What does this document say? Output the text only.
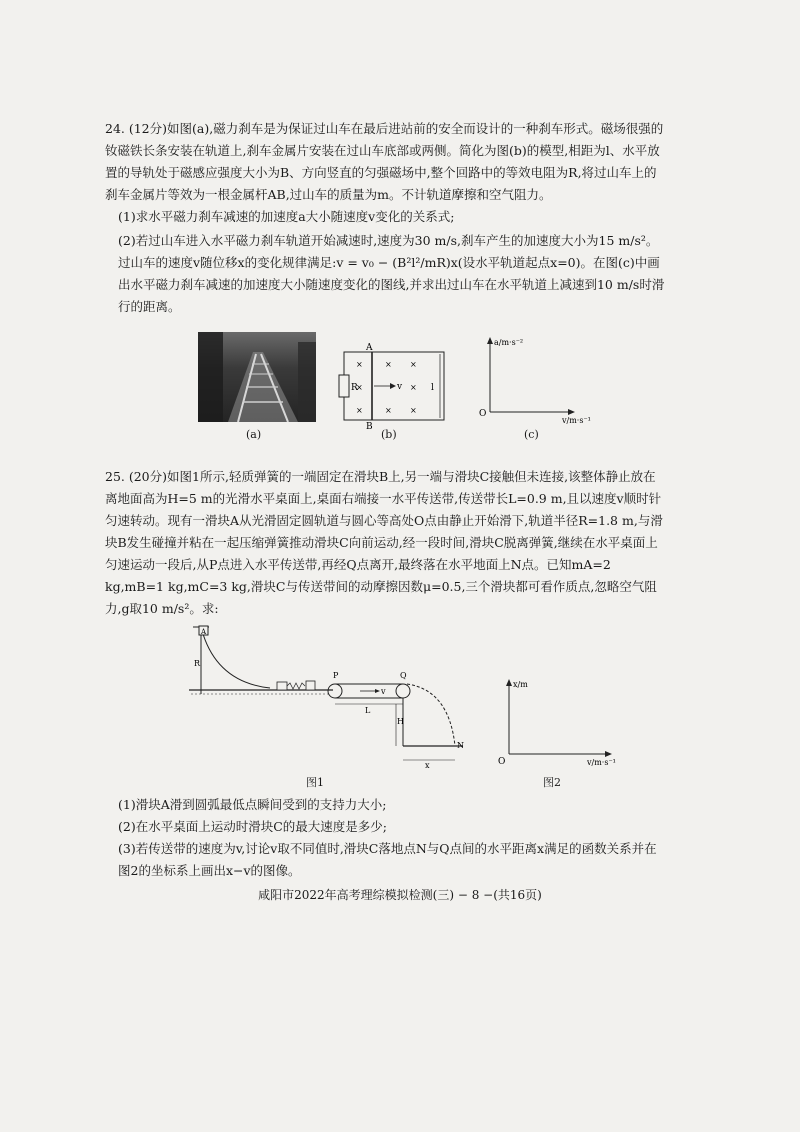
24. (12分)如图(a),磁力刹车是为保证过山车在最后进站前的安全而设计的一种刹车形式。磁场很强的钕磁铁长条安装在轨道上,刹车金属片安装在过山车底部或两侧。简化为图(b)的模型,相距为l、水平放置的导轨处于磁感应强度大小为B、方向竖直的匀强磁场中,整个回路中的等效电阻为R,将过山车上的刹车金属片等效为一根金属杆AB,过山车的质量为m。不计轨道摩擦和空气阻力。

(1)求水平磁力刹车减速的加速度a大小随速度v变化的关系式;

(2)若过山车进入水平磁力刹车轨道开始减速时,速度为30 m/s,刹车产生的加速度大小为15 m/s²。过山车的速度v随位移x的变化规律满足:v = v₀ − (B²l²/mR)x(设水平轨道起点x=0)。在图(c)中画出水平磁力刹车减速的加速度大小随速度变化的图线,并求出过山车在水平轨道上减速到10 m/s时滑行的距离。

(a)
A
B
R	v	l
×	× ×
×	×
×	× ×
(b)
a/m·s⁻²
v/m·s⁻¹
O
(c)

25. (20分)如图1所示,轻质弹簧的一端固定在滑块B上,另一端与滑块C接触但未连接,该整体静止放在离地面高为H=5 m的光滑水平桌面上,桌面右端接一水平传送带,传送带长L=0.9 m,且以速度v顺时针匀速转动。现有一滑块A从光滑固定圆轨道与圆心等高处O点由静止开始滑下,轨道半径R=1.8 m,与滑块B发生碰撞并粘在一起压缩弹簧推动滑块C向前运动,经一段时间,滑块C脱离弹簧,继续在水平桌面上匀速运动一段后,从P点进入水平传送带,再经Q点离开,最终落在水平地面上N点。已知mA=2 kg,mB=1 kg,mC=3 kg,滑块C与传送带间的动摩擦因数μ=0.5,三个滑块都可看作质点,忽略空气阻力,g取10 m/s²。求:

A
R
P	Q
v
L
H
N
x
图1
x/m
v/m·s⁻¹
O
图2

(1)滑块A滑到圆弧最低点瞬间受到的支持力大小;

(2)在水平桌面上运动时滑块C的最大速度是多少;

(3)若传送带的速度为v,讨论v取不同值时,滑块C落地点N与Q点间的水平距离x满足的函数关系并在图2的坐标系上画出x−v的图像。

咸阳市2022年高考理综模拟检测(三) − 8 −(共16页)
